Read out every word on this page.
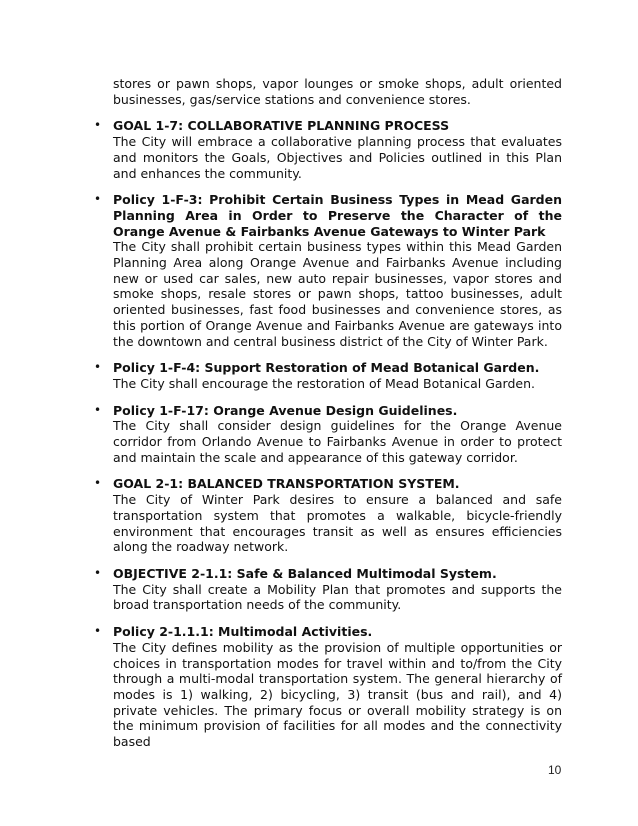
stores or pawn shops, vapor lounges or smoke shops, adult oriented businesses, gas/service stations and convenience stores.

• GOAL 1-7: COLLABORATIVE PLANNING PROCESS
The City will embrace a collaborative planning process that evaluates and monitors the Goals, Objectives and Policies outlined in this Plan and enhances the community.
• Policy 1-F-3: Prohibit Certain Business Types in Mead Garden Planning Area in Order to Preserve the Character of the Orange Avenue & Fairbanks Avenue Gateways to Winter Park
The City shall prohibit certain business types within this Mead Garden Planning Area along Orange Avenue and Fairbanks Avenue including new or used car sales, new auto repair businesses, vapor stores and smoke shops, resale stores or pawn shops, tattoo businesses, adult oriented businesses, fast food businesses and convenience stores, as this portion of Orange Avenue and Fairbanks Avenue are gateways into the downtown and central business district of the City of Winter Park.
• Policy 1-F-4: Support Restoration of Mead Botanical Garden.
The City shall encourage the restoration of Mead Botanical Garden.
• Policy 1-F-17: Orange Avenue Design Guidelines.
The City shall consider design guidelines for the Orange Avenue corridor from Orlando Avenue to Fairbanks Avenue in order to protect and maintain the scale and appearance of this gateway corridor.
• GOAL 2-1: BALANCED TRANSPORTATION SYSTEM.
The City of Winter Park desires to ensure a balanced and safe transportation system that promotes a walkable, bicycle-friendly environment that encourages transit as well as ensures efficiencies along the roadway network.
• OBJECTIVE 2-1.1: Safe & Balanced Multimodal System.
The City shall create a Mobility Plan that promotes and supports the broad transportation needs of the community.
• Policy 2-1.1.1: Multimodal Activities.
The City defines mobility as the provision of multiple opportunities or choices in transportation modes for travel within and to/from the City through a multi-modal transportation system. The general hierarchy of modes is 1) walking, 2) bicycling, 3) transit (bus and rail), and 4) private vehicles. The primary focus or overall mobility strategy is on the minimum provision of facilities for all modes and the connectivity based
10
